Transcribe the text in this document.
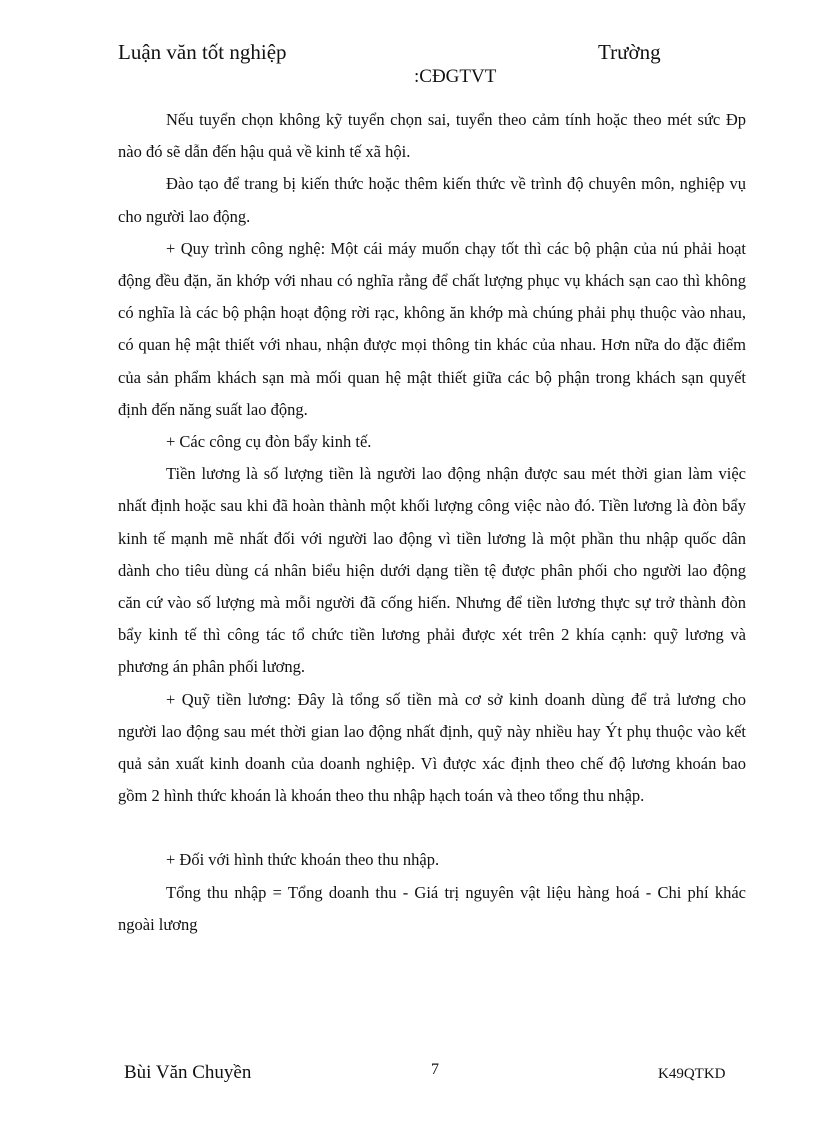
Luận văn tốt nghiệp	Trường
:CĐGTVT

Nếu tuyển chọn không kỹ tuyển chọn sai, tuyển theo cảm tính hoặc theo mét sức Đp nào đó sẽ dẫn đến hậu quả về kinh tế xã hội.

Đào tạo để trang bị kiến thức hoặc thêm kiến thức về trình độ chuyên môn, nghiệp vụ cho người lao động.

+ Quy trình công nghệ: Một cái máy muốn chạy tốt thì các bộ phận của nú phải hoạt động đều đặn, ăn khớp với nhau có nghĩa rằng để chất lượng phục vụ khách sạn cao thì không có nghĩa là các bộ phận hoạt động rời rạc, không ăn khớp mà chúng phải phụ thuộc vào nhau, có quan hệ mật thiết với nhau, nhận được mọi thông tin khác của nhau. Hơn nữa do đặc điểm của sản phẩm khách sạn mà mối quan hệ mật thiết giữa các bộ phận trong khách sạn quyết định đến năng suất lao động.

+ Các công cụ đòn bẩy kinh tế.

Tiền lương là số lượng tiền là người lao động nhận được sau mét thời gian làm việc nhất định hoặc sau khi đã hoàn thành một khối lượng công việc nào đó. Tiền lương là đòn bẩy kinh tế mạnh mẽ nhất đối với người lao động vì tiền lương là một phần thu nhập quốc dân dành cho tiêu dùng cá nhân biểu hiện dưới dạng tiền tệ được phân phối cho người lao động căn cứ vào số lượng mà mỗi người đã cống hiến. Nhưng để tiền lương thực sự trở thành đòn bẩy kinh tế thì công tác tổ chức tiền lương phải được xét trên 2 khía cạnh: quỹ lương và phương án phân phối lương.

+ Quỹ tiền lương: Đây là tổng số tiền mà cơ sở kinh doanh dùng để trả lương cho người lao động sau mét thời gian lao động nhất định, quỹ này nhiều hay Ýt phụ thuộc vào kết quả sản xuất kinh doanh của doanh nghiệp. Vì được xác định theo chế độ lương khoán bao gồm 2 hình thức khoán là khoán theo thu nhập hạch toán và theo tổng thu nhập.

+ Đối với hình thức khoán theo thu nhập.

Tổng thu nhập = Tổng doanh thu - Giá trị nguyên vật liệu hàng hoá - Chi phí khác ngoài lương

Bùi Văn Chuyền	7	K49QTKD
